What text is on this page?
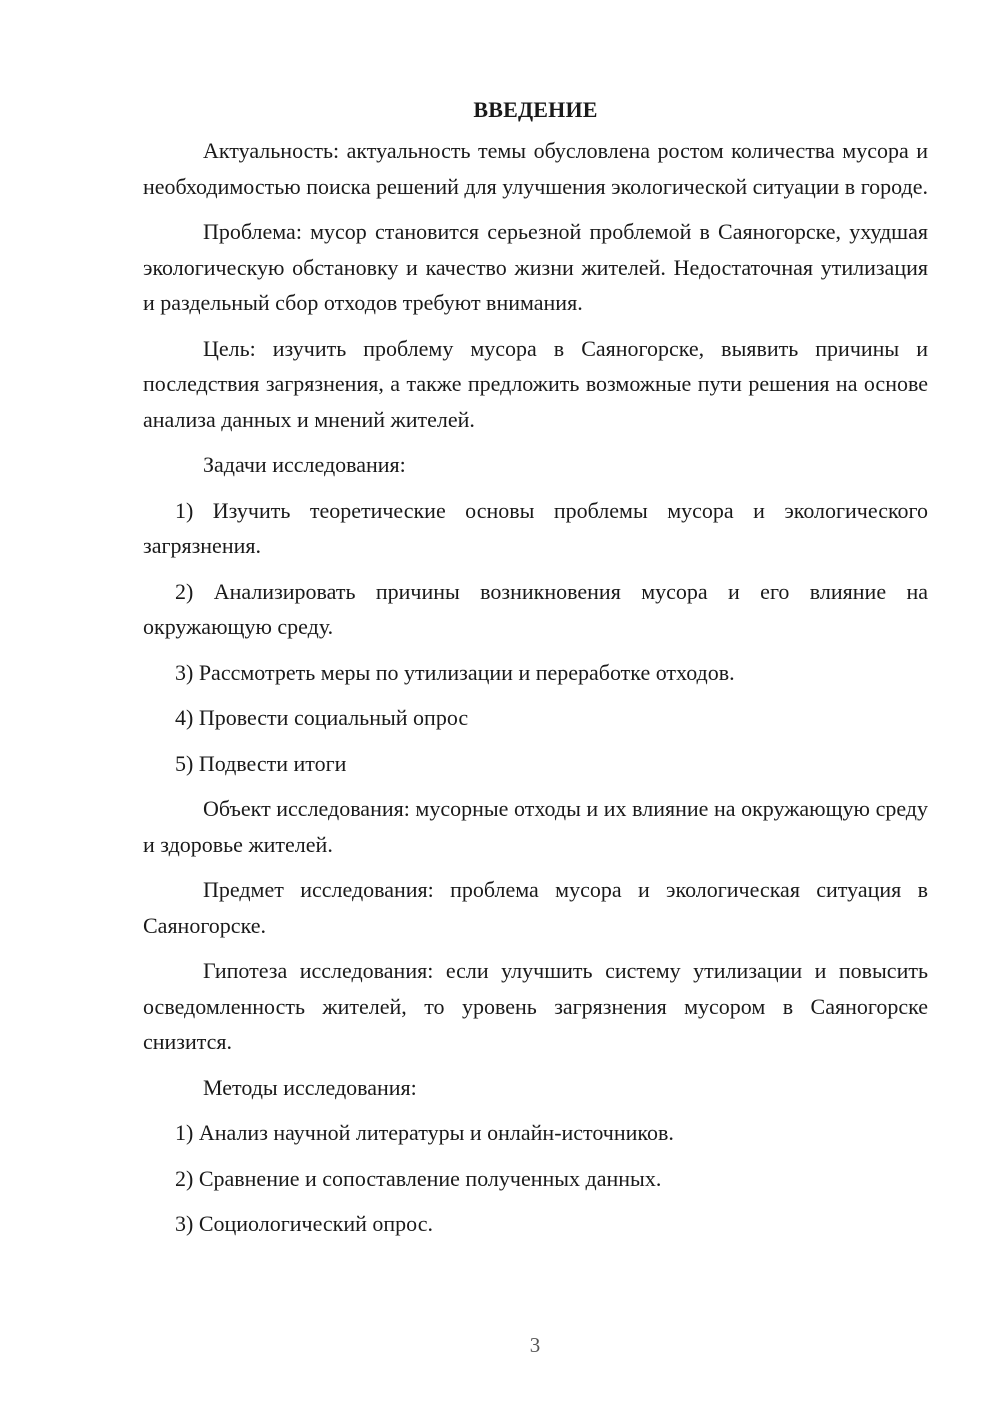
ВВЕДЕНИЕ

Актуальность: актуальность темы обусловлена ростом количества мусора и необходимостью поиска решений для улучшения экологической ситуации в городе.

Проблема: мусор становится серьезной проблемой в Саяногорске, ухудшая экологическую обстановку и качество жизни жителей. Недостаточная утилизация и раздельный сбор отходов требуют внимания.

Цель: изучить проблему мусора в Саяногорске, выявить причины и последствия загрязнения, а также предложить возможные пути решения на основе анализа данных и мнений жителей.

Задачи исследования:

1) Изучить теоретические основы проблемы мусора и экологического загрязнения.

2) Анализировать причины возникновения мусора и его влияние на окружающую среду.

3) Рассмотреть меры по утилизации и переработке отходов.

4) Провести социальный опрос

5) Подвести итоги

Объект исследования: мусорные отходы и их влияние на окружающую среду и здоровье жителей.

Предмет исследования: проблема мусора и экологическая ситуация в Саяногорске.

Гипотеза исследования: если улучшить систему утилизации и повысить осведомленность жителей, то уровень загрязнения мусором в Саяногорске снизится.

Методы исследования:

1) Анализ научной литературы и онлайн-источников.

2) Сравнение и сопоставление полученных данных.

3) Социологический опрос.

3
